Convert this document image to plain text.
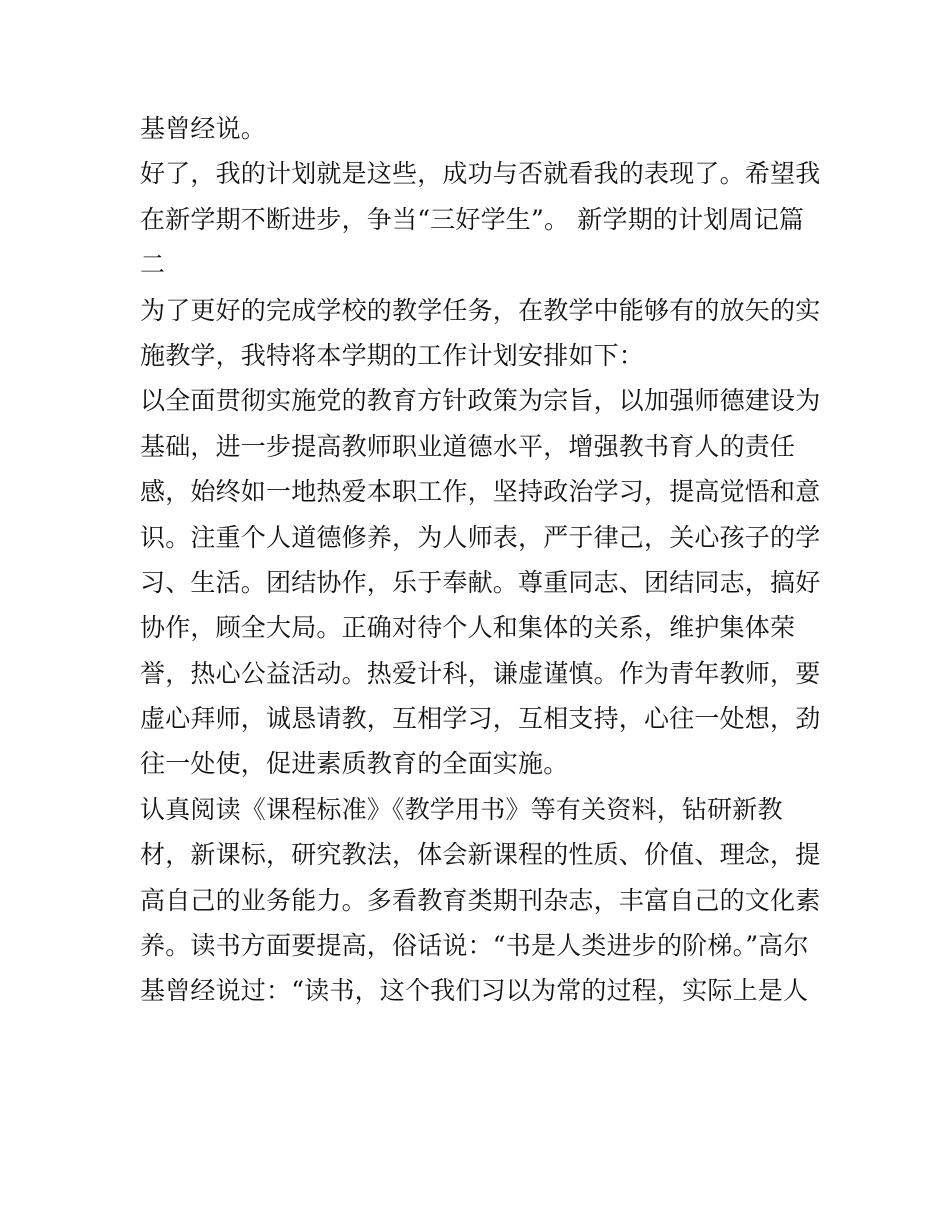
基曾经说。
好了，我的计划就是这些，成功与否就看我的表现了。希望我
在新学期不断进步，争当“三好学生”。 新学期的计划周记篇
二
为了更好的完成学校的教学任务，在教学中能够有的放矢的实
施教学，我特将本学期的工作计划安排如下：
以全面贯彻实施党的教育方针政策为宗旨，以加强师德建设为
基础，进一步提高教师职业道德水平，增强教书育人的责任
感，始终如一地热爱本职工作，坚持政治学习，提高觉悟和意
识。注重个人道德修养，为人师表，严于律己，关心孩子的学
习、生活。团结协作，乐于奉献。尊重同志、团结同志，搞好
协作，顾全大局。正确对待个人和集体的关系，维护集体荣
誉，热心公益活动。热爱计科，谦虚谨慎。作为青年教师，要
虚心拜师，诚恳请教，互相学习，互相支持，心往一处想，劲
往一处使，促进素质教育的全面实施。
认真阅读《课程标准》《教学用书》等有关资料，钻研新教
材，新课标，研究教法，体会新课程的性质、价值、理念，提
高自己的业务能力。多看教育类期刊杂志，丰富自己的文化素
养。读书方面要提高，俗话说：“书是人类进步的阶梯。”高尔
基曾经说过：“读书，这个我们习以为常的过程，实际上是人
